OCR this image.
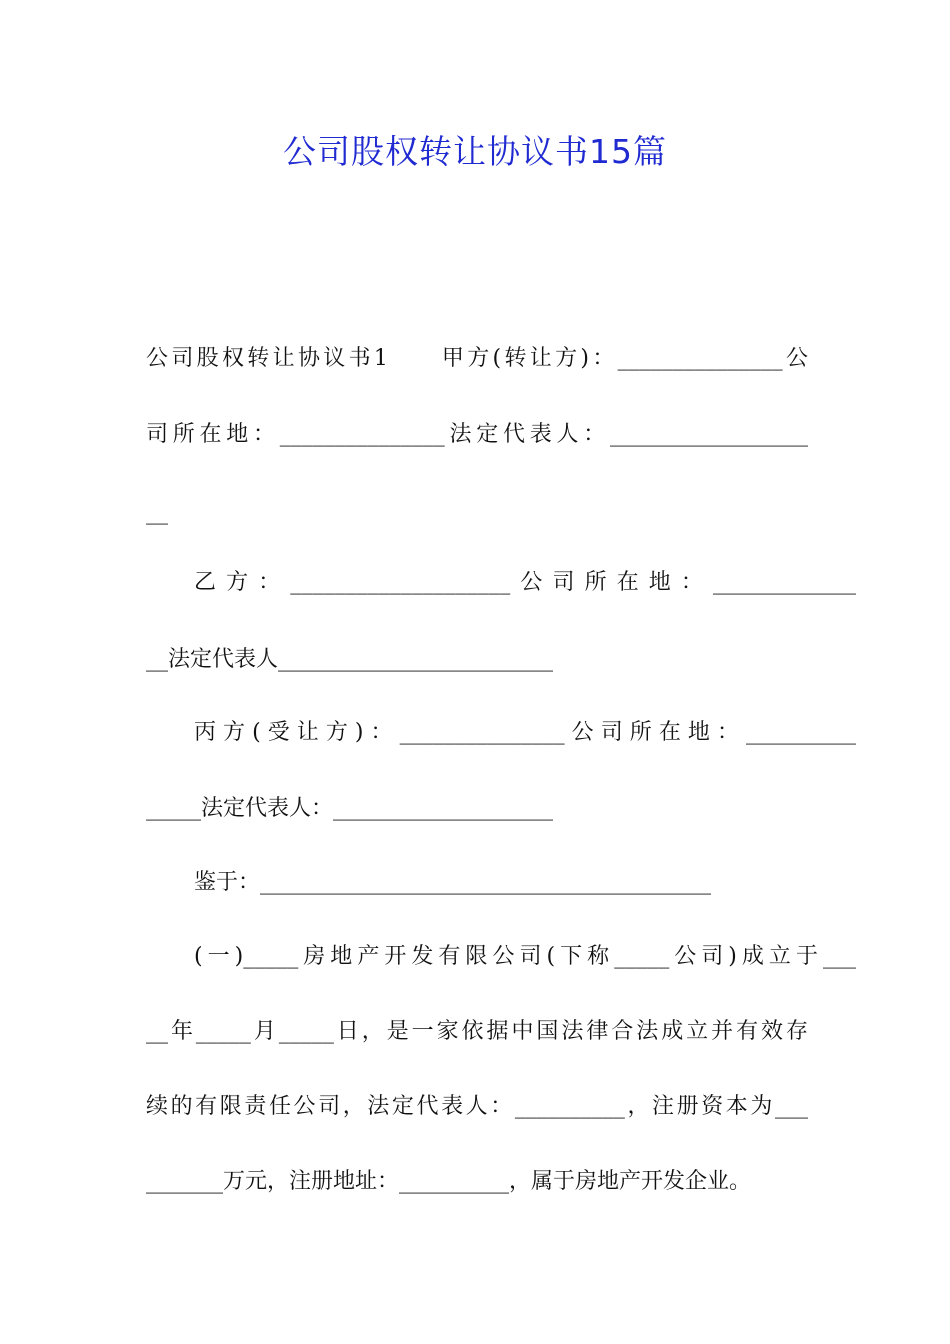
公司股权转让协议书15篇
公司股权转让协议书1　　甲方(转让方)：_______________公
司所在地：_______________法定代表人：__________________
__
乙方：____________________公司所在地：_____________
__法定代表人_________________________
丙方(受让方)：_______________公司所在地：__________
_____法定代表人：____________________
鉴于：_________________________________________
(一)_____房地产开发有限公司(下称_____公司)成立于___
__年_____月_____日，是一家依据中国法律合法成立并有效存
续的有限责任公司，法定代表人：__________，注册资本为___
_______万元，注册地址：__________，属于房地产开发企业。
